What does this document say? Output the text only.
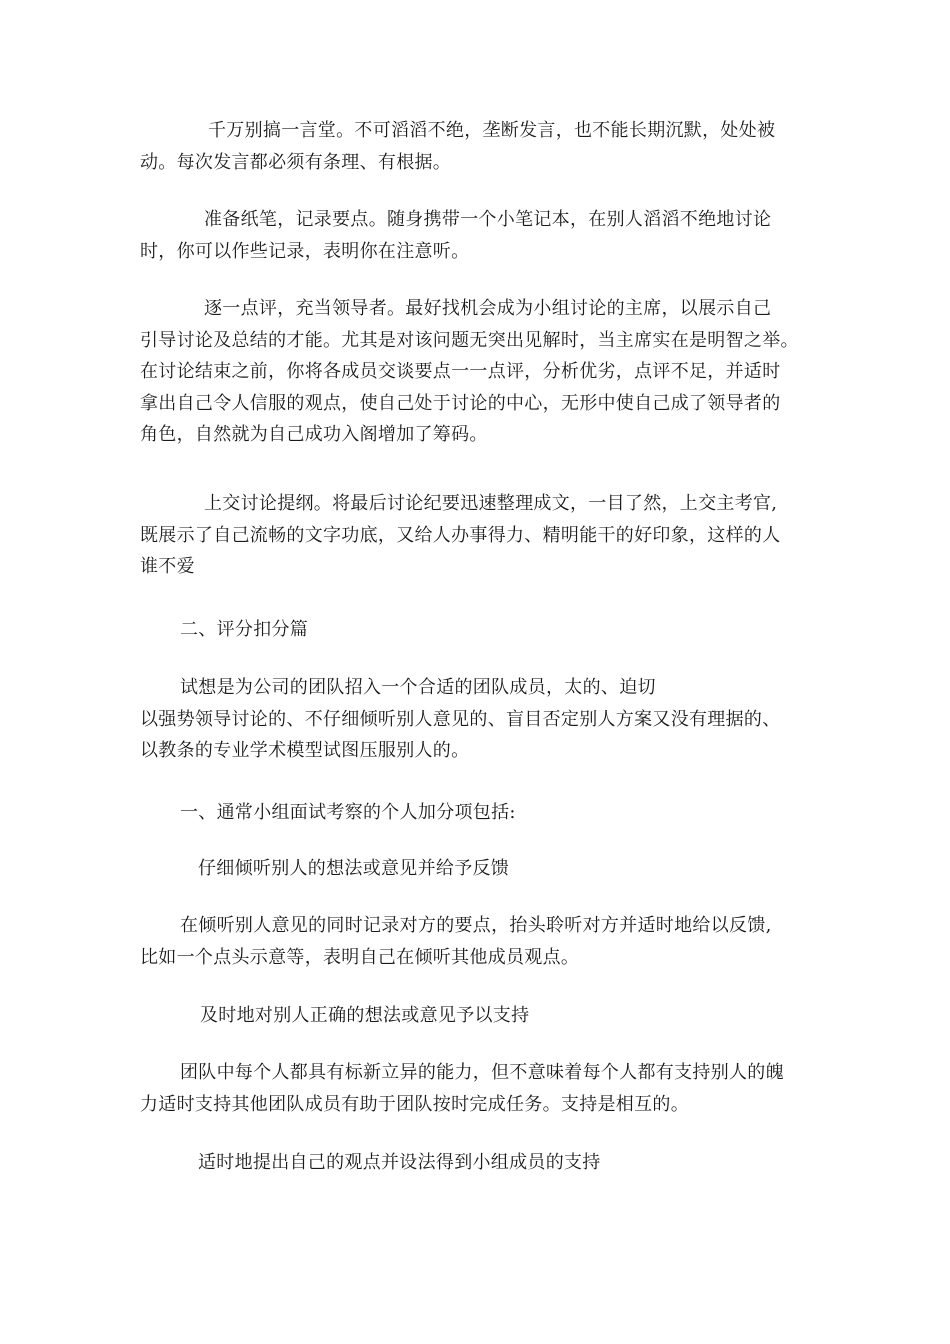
千万别搞一言堂。不可滔滔不绝，垄断发言，也不能长期沉默，处处被
动。每次发言都必须有条理、有根据。

准备纸笔，记录要点。随身携带一个小笔记本，在别人滔滔不绝地讨论
时，你可以作些记录，表明你在注意听。

逐一点评，充当领导者。最好找机会成为小组讨论的主席，以展示自己
引导讨论及总结的才能。尤其是对该问题无突出见解时，当主席实在是明智之举。
在讨论结束之前，你将各成员交谈要点一一点评，分析优劣，点评不足，并适时
拿出自己令人信服的观点，使自己处于讨论的中心，无形中使自己成了领导者的
角色，自然就为自己成功入阁增加了筹码。

上交讨论提纲。将最后讨论纪要迅速整理成文，一目了然，上交主考官,
既展示了自己流畅的文字功底，又给人办事得力、精明能干的好印象，这样的人
谁不爱

二、评分扣分篇

试想是为公司的团队招入一个合适的团队成员，太的、迫切
以强势领导讨论的、不仔细倾听别人意见的、盲目否定别人方案又没有理据的、
以教条的专业学术模型试图压服别人的。

一、通常小组面试考察的个人加分项包括:

仔细倾听别人的想法或意见并给予反馈

在倾听别人意见的同时记录对方的要点，抬头聆听对方并适时地给以反馈,
比如一个点头示意等，表明自己在倾听其他成员观点。

及时地对别人正确的想法或意见予以支持

团队中每个人都具有标新立异的能力，但不意味着每个人都有支持别人的魄
力适时支持其他团队成员有助于团队按时完成任务。支持是相互的。

适时地提出自己的观点并设法得到小组成员的支持
